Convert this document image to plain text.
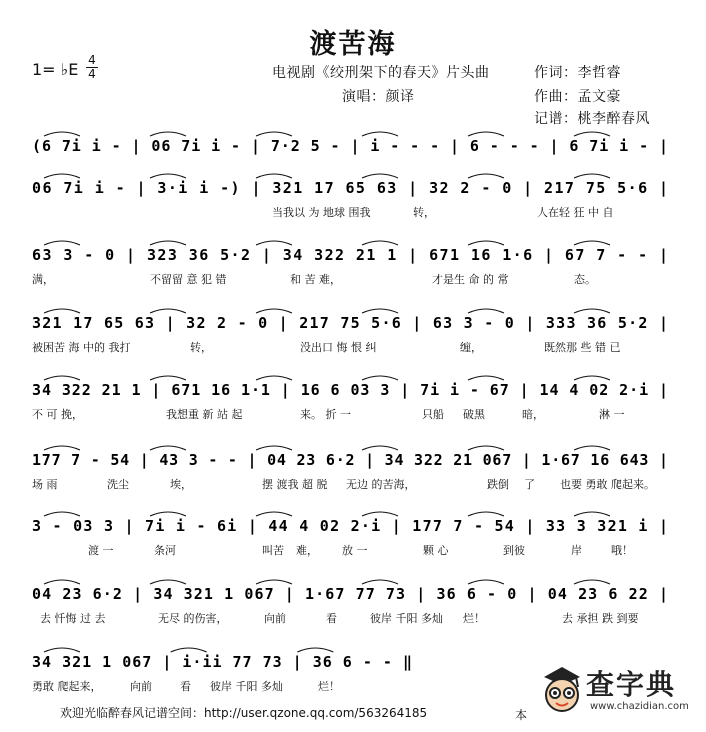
渡苦海
1= ♭E 4
4	电视剧《绞刑架下的春天》片头曲
演唱：颜译
作词：李哲睿
作曲：孟文豪
记谱：桃李醉春风
(6 7i i - | 06 7i i - | 7·2 5 - | i - - - | 6 - - - | 6 7i i - |
06 7i i - | 3·i i -) | 321 17 65 63 | 32 2 - 0 | 217 75 5·6 |
当我以 为 地球 围我	转，	人在轻 狂 中 自
63 3 - 0 | 323 36 5·2 | 34 322 21 1 | 671 16 1·6 | 67 7 - - |
满，	不留留 意 犯 错	和 苦 难，	才是生 命 的 常	态。
321 17 65 63 | 32 2 - 0 | 217 75 5·6 | 63 3 - 0 | 333 36 5·2 |
被困苦 海 中的 我打	转，	没出口 悔 恨 纠	缠，	既然那 些 错 已
34 322 21 1 | 671 16 1·1 | 16 6 03 3 | 7i i - 67 | 14 4 02 2·i |
不 可 挽，	我想重 新 站 起	来。 折 一	只船 破黑	暗，	淋 一
177 7 - 54 | 43 3 - - | 04 23 6·2 | 34 322 21 067 | 1·67 16 643 |
场 雨	洗尘	埃，	摆 渡我 超 脱 无边 的苦海，	跌倒 了 也要 勇敢 爬起来。
3 - 03 3 | 7i i - 6i | 44 4 02 2·i | 177 7 - 54 | 33 3 321 i |
渡 一	条河	叫苦 难， 放 一	颗 心	到彼	岸	哦！
04 23 6·2 | 34 321 1 067 | 1·67 77 73 | 36 6 - 0 | 04 23 6 22 |
去 忏悔 过 去	无尽 的伤害，	向前	看	彼岸 千阳 多灿 烂！	去 承担 跌 到要
34 321 1 067 | i·ii 77 73 | 36 6 - - ‖
勇敢 爬起来，	向前	看 彼岸 千阳 多灿	烂！
欢迎光临醉春风记谱空间：http://user.qzone.qq.com/563264185	本
查字典
www.chazidian.com
